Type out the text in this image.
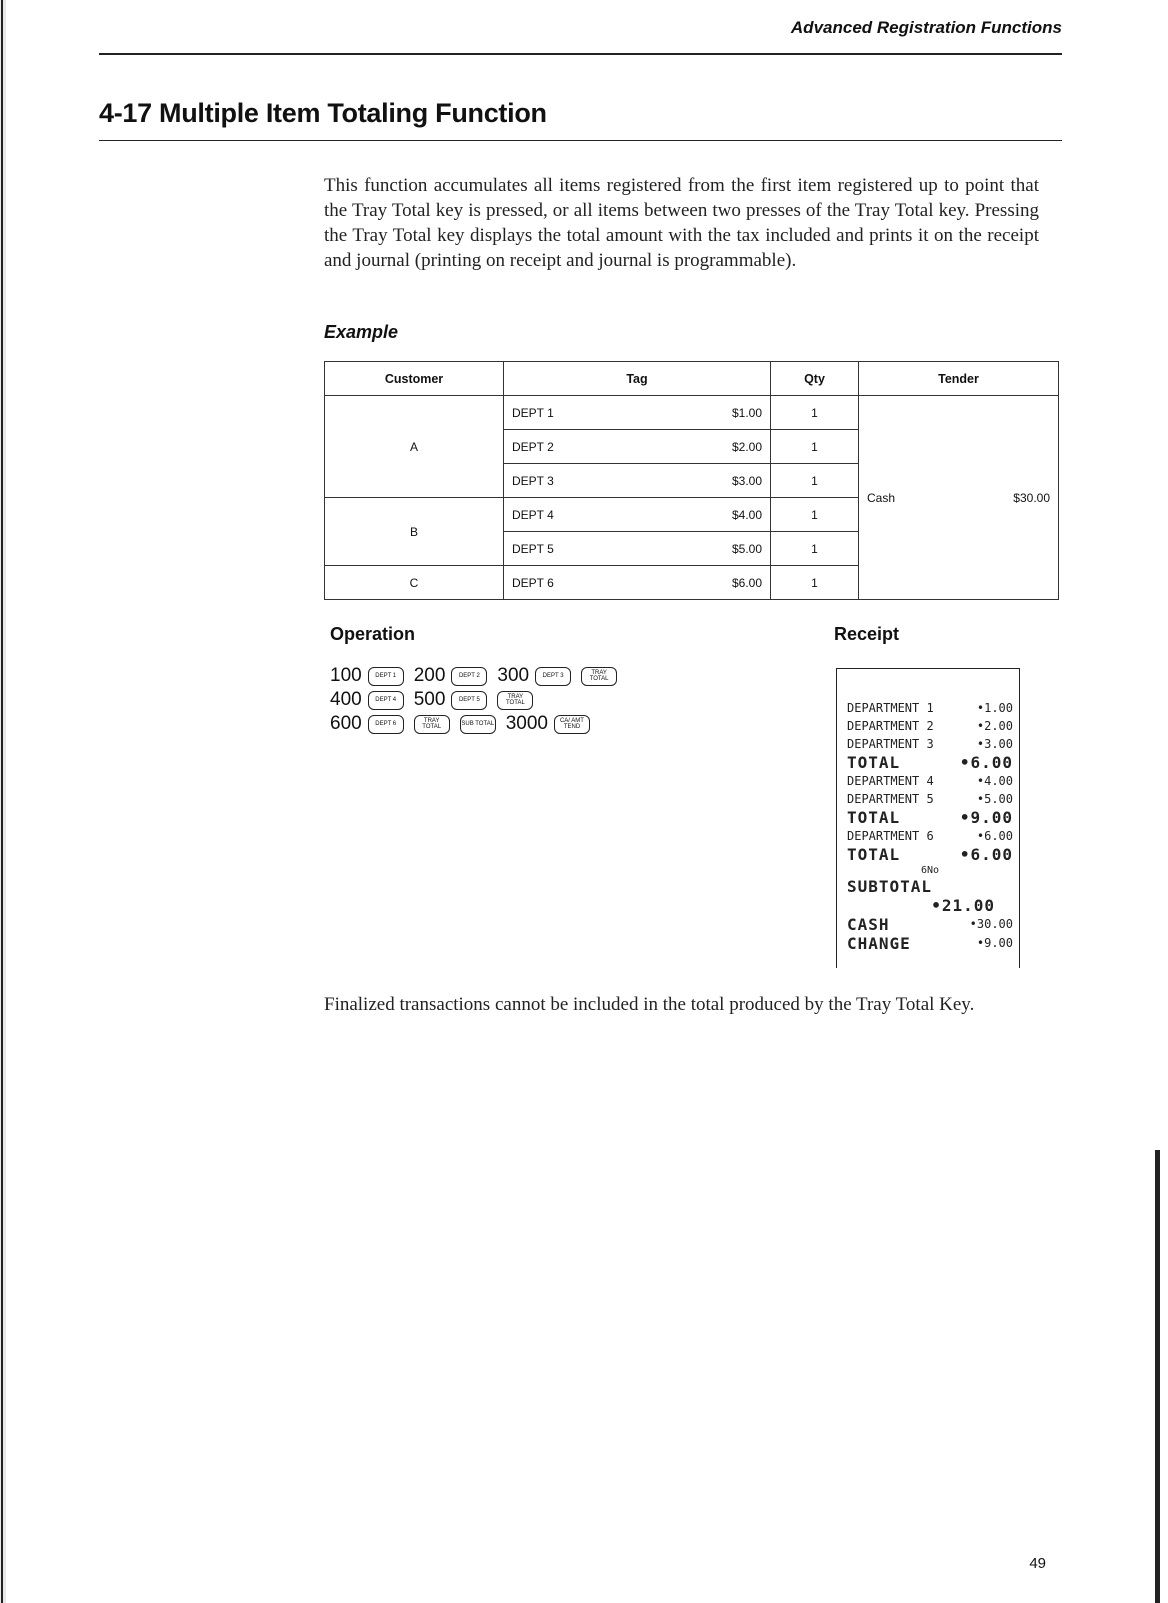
Advanced Registration Functions
4-17 Multiple Item Totaling Function

This function accumulates all items registered from the first item registered up to point that the Tray Total key is pressed, or all items between two presses of the Tray Total key. Pressing the Tray Total key displays the total amount with the tax included and prints it on the receipt and journal (printing on receipt and journal is programmable).

Example
Customer	Tag	Qty	Tender
A	DEPT 1 $1.00	1	Cash $30.00

	DEPT 2 $2.00	1	

	DEPT 3 $3.00	1	
B	DEPT 4 $4.00	1	

	DEPT 5 $5.00	1	
C	DEPT 6 $6.00	1	
Operation	Receipt
100	DEPT 1 200	DEPT 2 300	DEPT 3	TRAY TOTAL
400	DEPT 4 500	DEPT 5	TRAY TOTAL
600	DEPT 6	TRAY TOTAL	SUB TOTAL 3000	CA/ AMT TEND
DEPARTMENT 1	•1.00
DEPARTMENT 2	•2.00
DEPARTMENT 3	•3.00
TOTAL	•6.00
DEPARTMENT 4	•4.00
DEPARTMENT 5	•5.00
TOTAL	•9.00
DEPARTMENT 6	•6.00
TOTAL	•6.00
6No
SUBTOTAL
•21.00
CASH	•30.00
CHANGE	•9.00

Finalized transactions cannot be included in the total produced by the Tray Total Key.

49
